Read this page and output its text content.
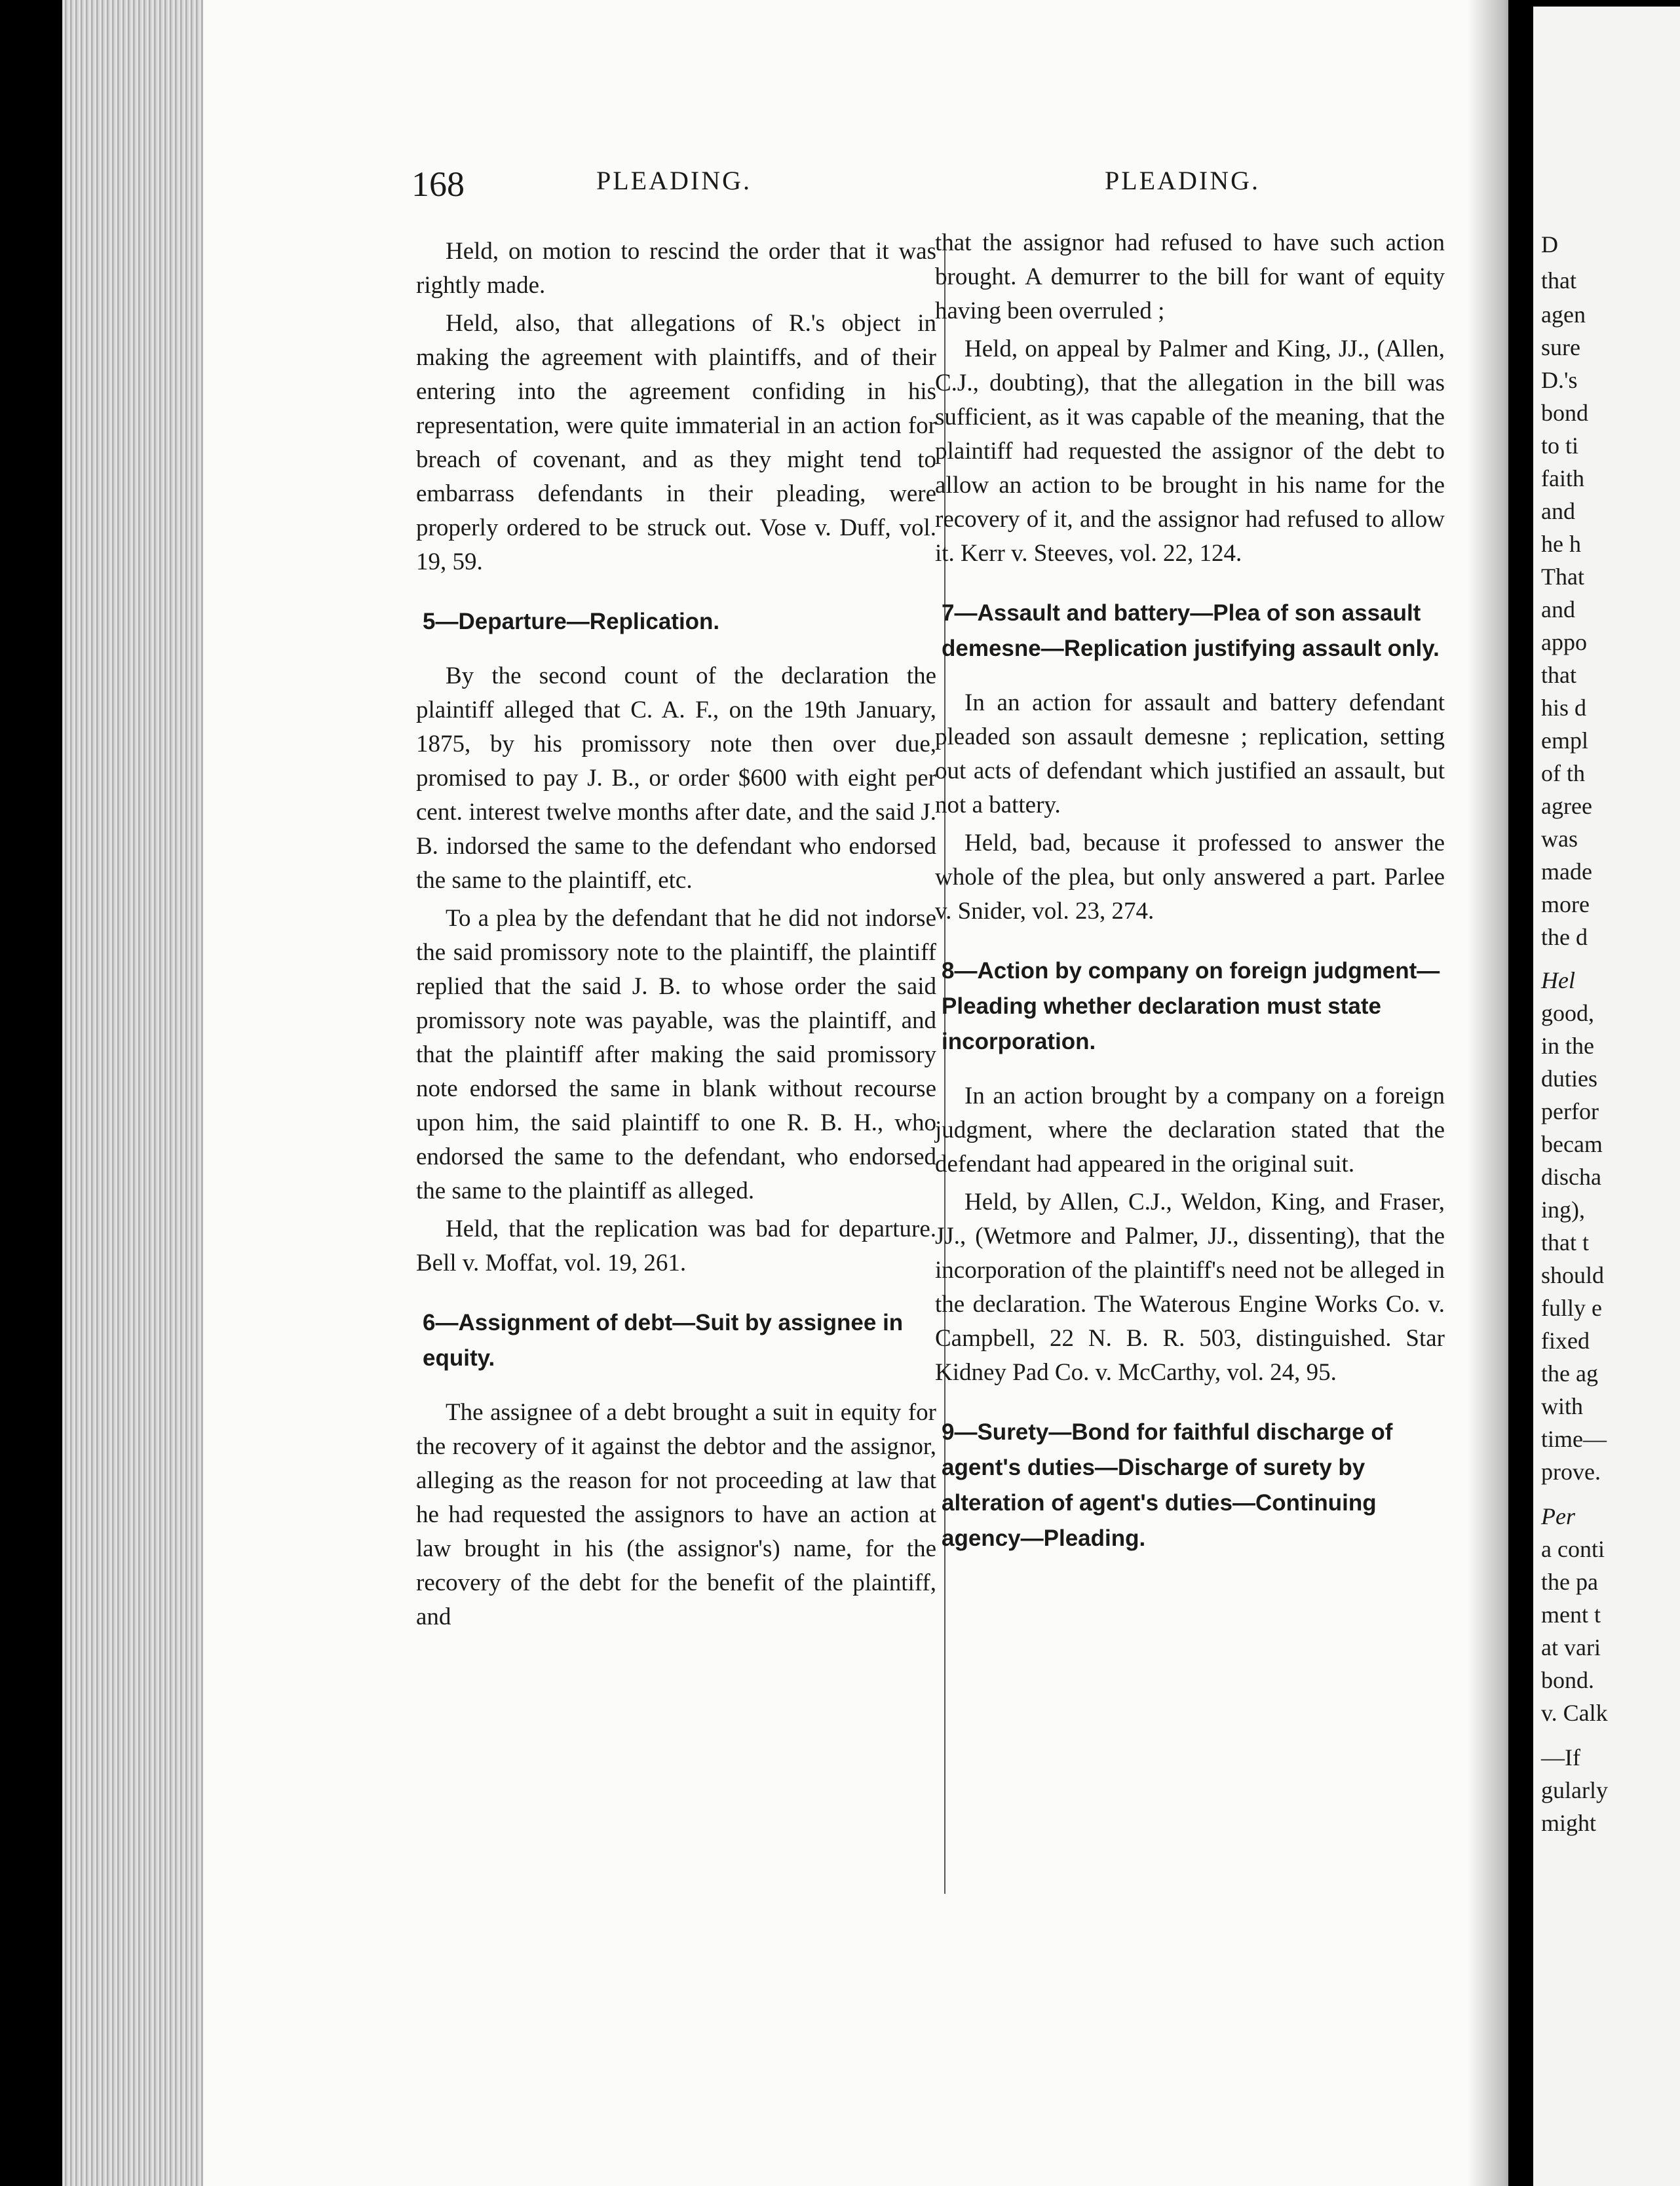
D
that
agen
sure
D.'s
bond
to ti
faith
and
he h
That
and
appo
that
his d
empl
of th
agree
was
made
more
the d
Hel
good,
in the
duties
perfor
becam
discha
ing),
that t
should
fully e
fixed
the ag
with
time—
prove.
Per
a conti
the pa
ment t
at vari
bond.
v. Calk
—If
gularly
might
168	PLEADING.	PLEADING.

Held, on motion to rescind the order that it was rightly made.

Held, also, that allegations of R.'s object in making the agreement with plaintiffs, and of their entering into the agreement confiding in his representation, were quite immaterial in an action for breach of covenant, and as they might tend to embarrass defendants in their pleading, were properly ordered to be struck out. Vose v. Duff, vol. 19, 59.

5—Departure—Replication.

By the second count of the declaration the plaintiff alleged that C. A. F., on the 19th January, 1875, by his promissory note then over due, promised to pay J. B., or order $600 with eight per cent. interest twelve months after date, and the said J. B. indorsed the same to the defendant who endorsed the same to the plaintiff, etc.

To a plea by the defendant that he did not indorse the said promissory note to the plaintiff, the plaintiff replied that the said J. B. to whose order the said promissory note was payable, was the plaintiff, and that the plaintiff after making the said promissory note endorsed the same in blank without recourse upon him, the said plaintiff to one R. B. H., who endorsed the same to the defendant, who endorsed the same to the plaintiff as alleged.

Held, that the replication was bad for departure. Bell v. Moffat, vol. 19, 261.

6—Assignment of debt—Suit by assignee in equity.

The assignee of a debt brought a suit in equity for the recovery of it against the debtor and the assignor, alleging as the reason for not proceeding at law that he had requested the assignors to have an action at law brought in his (the assignor's) name, for the recovery of the debt for the benefit of the plaintiff, and

that the assignor had refused to have such action brought. A demurrer to the bill for want of equity having been overruled ;

Held, on appeal by Palmer and King, JJ., (Allen, C.J., doubting), that the allegation in the bill was sufficient, as it was capable of the meaning, that the plaintiff had requested the assignor of the debt to allow an action to be brought in his name for the recovery of it, and the assignor had refused to allow it. Kerr v. Steeves, vol. 22, 124.

7—Assault and battery—Plea of son assault demesne—Replication justifying assault only.

In an action for assault and battery defendant pleaded son assault demesne ; replication, setting out acts of defendant which justified an assault, but not a battery.

Held, bad, because it professed to answer the whole of the plea, but only answered a part. Parlee v. Snider, vol. 23, 274.

8—Action by company on foreign judgment—Pleading whether declaration must state incorporation.

In an action brought by a company on a foreign judgment, where the declaration stated that the defendant had appeared in the original suit.

Held, by Allen, C.J., Weldon, King, and Fraser, JJ., (Wetmore and Palmer, JJ., dissenting), that the incorporation of the plaintiff's need not be alleged in the declaration. The Waterous Engine Works Co. v. Campbell, 22 N. B. R. 503, distinguished. Star Kidney Pad Co. v. McCarthy, vol. 24, 95.

9—Surety—Bond for faithful discharge of agent's duties—Discharge of surety by alteration of agent's duties—Continuing agency—Pleading.
